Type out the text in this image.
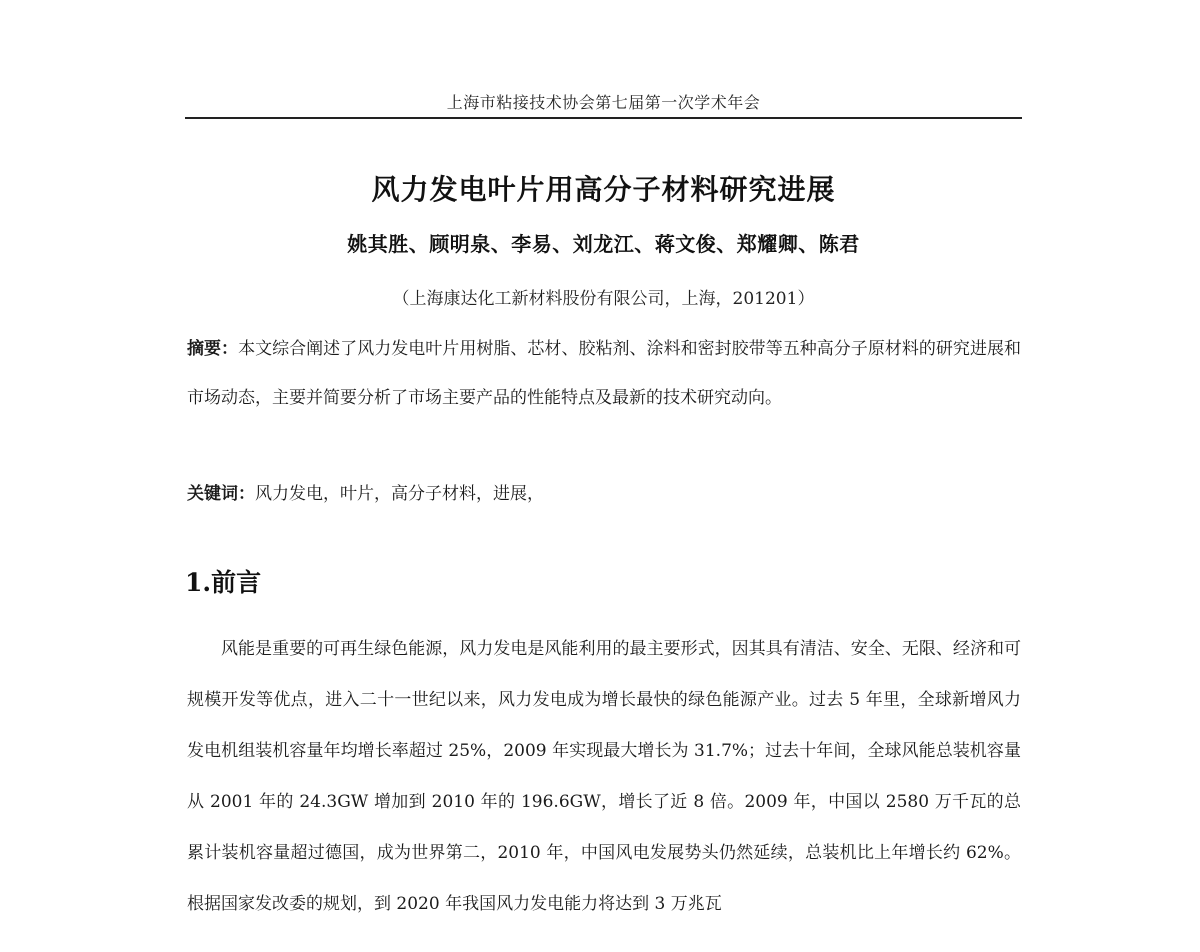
上海市粘接技术协会第七届第一次学术年会
风力发电叶片用高分子材料研究进展
姚其胜、顾明泉、李易、刘龙江、蒋文俊、郑耀卿、陈君
（上海康达化工新材料股份有限公司，上海，201201）
摘要：本文综合阐述了风力发电叶片用树脂、芯材、胶粘剂、涂料和密封胶带等五种高分子原材料的研究进展和市场动态，主要并简要分析了市场主要产品的性能特点及最新的技术研究动向。
关键词：风力发电，叶片，高分子材料，进展，
1.前言
风能是重要的可再生绿色能源，风力发电是风能利用的最主要形式，因其具有清洁、安全、无限、经济和可规模开发等优点，进入二十一世纪以来，风力发电成为增长最快的绿色能源产业。过去 5 年里，全球新增风力发电机组装机容量年均增长率超过 25%，2009 年实现最大增长为 31.7%；过去十年间，全球风能总装机容量从 2001 年的 24.3GW 增加到 2010 年的 196.6GW，增长了近 8 倍。2009 年，中国以 2580 万千瓦的总累计装机容量超过德国，成为世界第二，2010 年，中国风电发展势头仍然延续，总装机比上年增长约 62%。根据国家发改委的规划，到 2020 年我国风力发电能力将达到 3 万兆瓦
